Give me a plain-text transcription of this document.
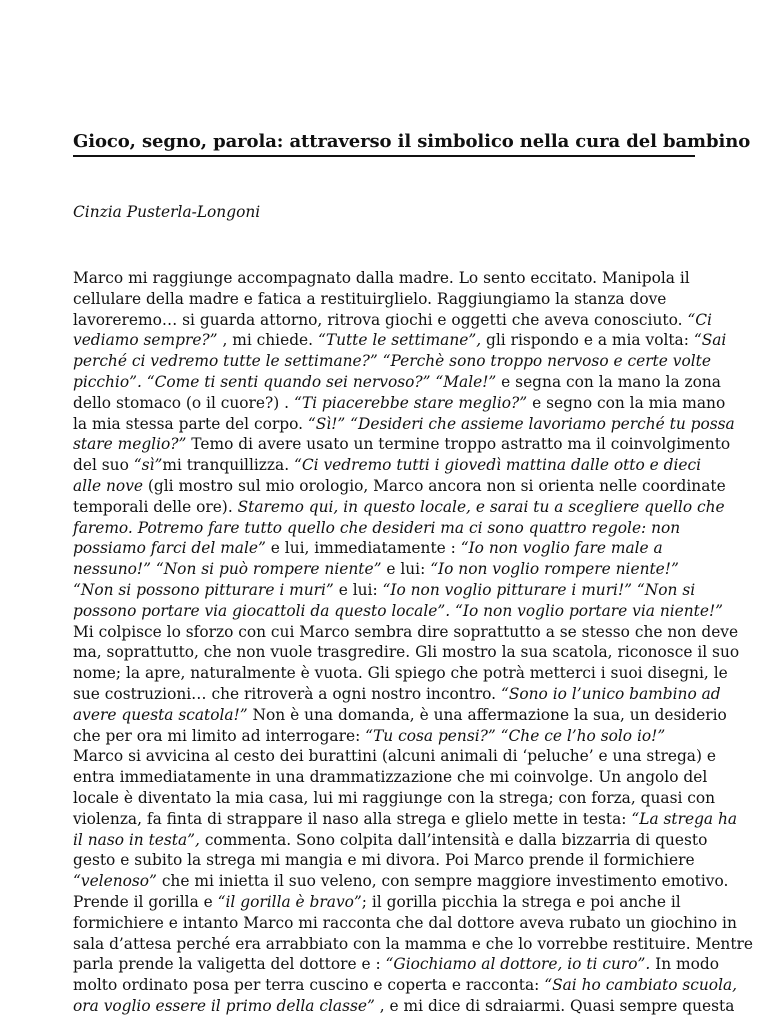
Gioco, segno, parola: attraverso il simbolico nella cura del bambino
Cinzia Pusterla-Longoni
Marco mi raggiunge accompagnato dalla madre. Lo sento eccitato. Manipola il
cellulare della madre e fatica a restituirglielo. Raggiungiamo la stanza dove
lavoreremo… si guarda attorno, ritrova giochi e oggetti che aveva conosciuto. “Ci
vediamo sempre?” , mi chiede. “Tutte le settimane”, gli rispondo e a mia volta: “Sai
perché ci vedremo tutte le settimane?” “Perchè sono troppo nervoso e certe volte
picchio”. “Come ti senti quando sei nervoso?” “Male!” e segna con la mano la zona
dello stomaco (o il cuore?) . “Ti piacerebbe stare meglio?” e segno con la mia mano
la mia stessa parte del corpo. “Sì!” “Desideri che assieme lavoriamo perché tu possa
stare meglio?” Temo di avere usato un termine troppo astratto ma il coinvolgimento
del suo “sì”mi tranquillizza. “Ci vedremo tutti i giovedì mattina dalle otto e dieci
alle nove (gli mostro sul mio orologio, Marco ancora non si orienta nelle coordinate
temporali delle ore). Staremo qui, in questo locale, e sarai tu a scegliere quello che
faremo. Potremo fare tutto quello che desideri ma ci sono quattro regole: non
possiamo farci del male” e lui, immediatamente : “Io non voglio fare male a
nessuno!” “Non si può rompere niente” e lui: “Io non voglio rompere niente!”
“Non si possono pitturare i muri” e lui: “Io non voglio pitturare i muri!” “Non si
possono portare via giocattoli da questo locale”. “Io non voglio portare via niente!”
Mi colpisce lo sforzo con cui Marco sembra dire soprattutto a se stesso che non deve
ma, soprattutto, che non vuole trasgredire. Gli mostro la sua scatola, riconosce il suo
nome; la apre, naturalmente è vuota. Gli spiego che potrà metterci i suoi disegni, le
sue costruzioni… che ritroverà a ogni nostro incontro. “Sono io l’unico bambino ad
avere questa scatola!” Non è una domanda, è una affermazione la sua, un desiderio
che per ora mi limito ad interrogare: “Tu cosa pensi?” “Che ce l’ho solo io!”
Marco si avvicina al cesto dei burattini (alcuni animali di ‘peluche’ e una strega) e
entra immediatamente in una drammatizzazione che mi coinvolge. Un angolo del
locale è diventato la mia casa, lui mi raggiunge con la strega; con forza, quasi con
violenza, fa finta di strappare il naso alla strega e glielo mette in testa: “La strega ha
il naso in testa”, commenta. Sono colpita dall’intensità e dalla bizzarria di questo
gesto e subito la strega mi mangia e mi divora. Poi Marco prende il formichiere
“velenoso” che mi inietta il suo veleno, con sempre maggiore investimento emotivo.
Prende il gorilla e “il gorilla è bravo”; il gorilla picchia la strega e poi anche il
formichiere e intanto Marco mi racconta che dal dottore aveva rubato un giochino in
sala d’attesa perché era arrabbiato con la mamma e che lo vorrebbe restituire. Mentre
parla prende la valigetta del dottore e : “Giochiamo al dottore, io ti curo”. In modo
molto ordinato posa per terra cuscino e coperta e racconta: “Sai ho cambiato scuola,
ora voglio essere il primo della classe” , e mi dice di sdraiarmi. Quasi sempre questa
